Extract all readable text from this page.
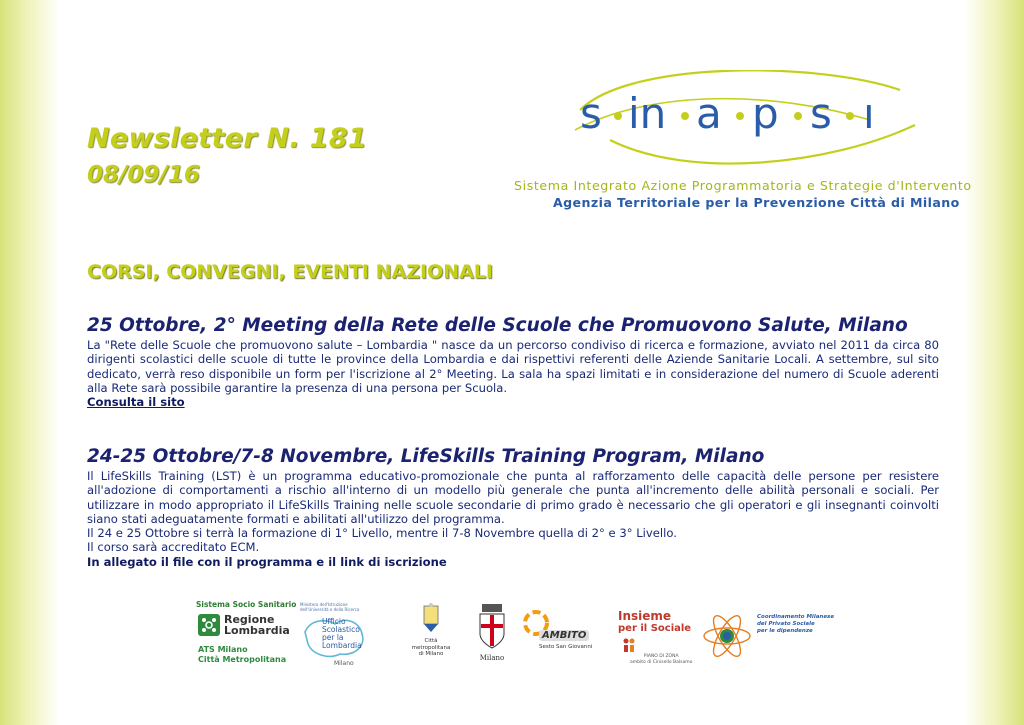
Newsletter N. 181
08/09/16
s in a p s ı
Sistema Integrato Azione Programmatoria e Strategie d'Intervento
Agenzia Territoriale per la Prevenzione Città di Milano
CORSI, CONVEGNI, EVENTI NAZIONALI
25 Ottobre, 2° Meeting della Rete delle Scuole che Promuovono Salute, Milano

La "Rete delle Scuole che promuovono salute – Lombardia " nasce da un percorso condiviso di ricerca e formazione, avviato nel 2011 da circa 80 dirigenti scolastici delle scuole di tutte le province della Lombardia e dai rispettivi referenti delle Aziende Sanitarie Locali. A settembre, sul sito dedicato, verrà reso disponibile un form per l'iscrizione al 2° Meeting. La sala ha spazi limitati e in considerazione del numero di Scuole aderenti alla Rete sarà possibile garantire la presenza di una persona per Scuola.

Consulta il sito

24-25 Ottobre/7-8 Novembre, LifeSkills Training Program, Milano

Il LifeSkills Training (LST) è un programma educativo-promozionale che punta al rafforzamento delle capacità delle persone per resistere all'adozione di comportamenti a rischio all'interno di un modello più generale che punta all'incremento delle abilità personali e sociali. Per utilizzare in modo appropriato il LifeSkills Training nelle scuole secondarie di primo grado è necessario che gli operatori e gli insegnanti coinvolti siano stati adeguatamente formati e abilitati all'utilizzo del programma.

Il 24 e 25 Ottobre si terrà la formazione di 1° Livello, mentre il 7-8 Novembre quella di 2° e 3° Livello.

Il corso sarà accreditato ECM.

In allegato il file con il programma e il link di iscrizione

Sistema Socio Sanitario
Regione
Lombardia
ATS Milano
Città Metropolitana
Ministero dell'Istruzione dell'Università e della Ricerca
Ufficio
Scolastico
per la
Lombardia
Milano
Città
metropolitana
di Milano	Milano
AMBITO
Sesto San Giovanni
Insieme
per il Sociale
PIANO DI ZONA
ambito di Cinisello Balsamo
Coordinamento Milanese
del Privato Sociale
per le dipendenze
